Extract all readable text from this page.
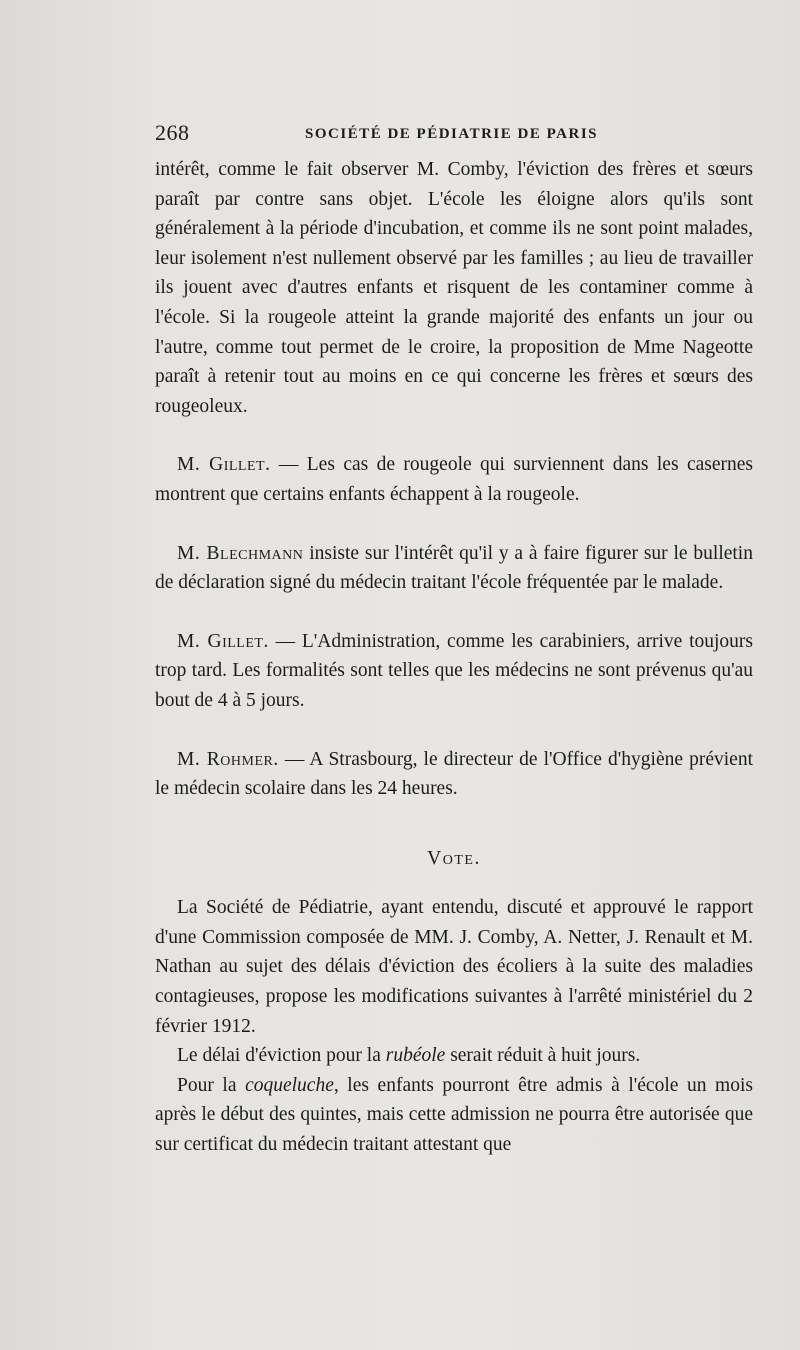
268	SOCIÉTÉ DE PÉDIATRIE DE PARIS

intérêt, comme le fait observer M. Comby, l'éviction des frères et sœurs paraît par contre sans objet. L'école les éloigne alors qu'ils sont généralement à la période d'incubation, et comme ils ne sont point malades, leur isolement n'est nullement observé par les familles ; au lieu de travailler ils jouent avec d'autres enfants et risquent de les contaminer comme à l'école. Si la rougeole atteint la grande majorité des enfants un jour ou l'autre, comme tout permet de le croire, la proposition de Mme Nageotte paraît à retenir tout au moins en ce qui concerne les frères et sœurs des rougeoleux.

M. Gillet. — Les cas de rougeole qui surviennent dans les casernes montrent que certains enfants échappent à la rougeole.

M. Blechmann insiste sur l'intérêt qu'il y a à faire figurer sur le bulletin de déclaration signé du médecin traitant l'école fréquentée par le malade.

M. Gillet. — L'Administration, comme les carabiniers, arrive toujours trop tard. Les formalités sont telles que les médecins ne sont prévenus qu'au bout de 4 à 5 jours.

M. Rohmer. — A Strasbourg, le directeur de l'Office d'hygiène prévient le médecin scolaire dans les 24 heures.

Vote.

La Société de Pédiatrie, ayant entendu, discuté et approuvé le rapport d'une Commission composée de MM. J. Comby, A. Netter, J. Renault et M. Nathan au sujet des délais d'éviction des écoliers à la suite des maladies contagieuses, propose les modifications suivantes à l'arrêté ministériel du 2 février 1912.

Le délai d'éviction pour la rubéole serait réduit à huit jours.

Pour la coqueluche, les enfants pourront être admis à l'école un mois après le début des quintes, mais cette admission ne pourra être autorisée que sur certificat du médecin traitant attestant que
